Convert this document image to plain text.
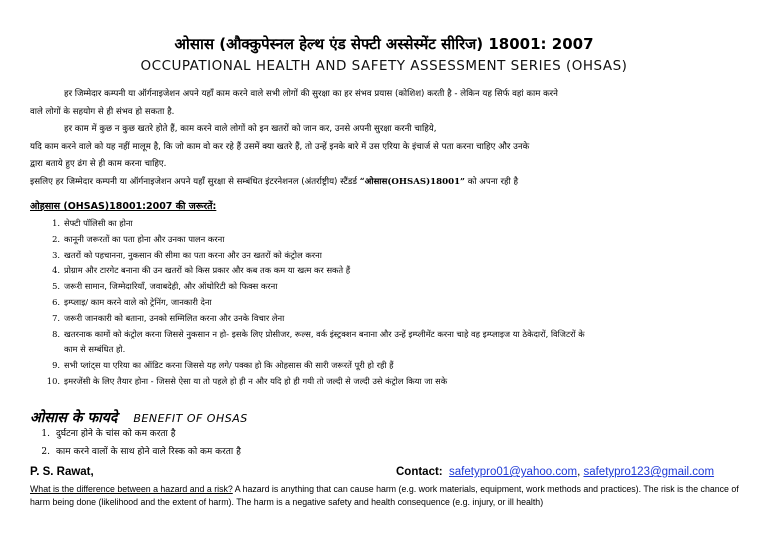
ओसास (औक्कुपेस्नल हेल्थ एंड सेफ्टी अस्सेस्मेंट सीरिज) 18001: 2007
OCCUPATIONAL HEALTH AND SAFETY ASSESSMENT SERIES (OHSAS)
हर जिम्मेदार कम्पनी या ऑर्गनाइजेशन अपने यहाँ काम करने वाले सभी लोगों की सुरक्षा का हर संभव प्रयास (कोशिश) करती है - लेकिन यह सिर्फ वहां काम करने
वाले लोगों के सहयोग से ही संभव हो सकता है.
हर काम में कुछ न कुछ खतरे होते हैं, काम करने वाले लोगों को इन खतरों को जान कर, उनसे अपनी सुरक्षा करनी चाहिये,
यदि काम करने वाले को यह नहीं मालूम है, कि जो काम वो कर रहे हैं उसमें क्या खतरे हैं, तो उन्हें इनके बारे में उस एरिया के इंचार्ज से पता करना चाहिए और उनके
द्वारा बताये हुए ढंग से ही काम करना चाहिए.
इसलिए हर जिम्मेदार कम्पनी या ऑर्गनाइजेशन अपने यहाँ सुरक्षा से सम्बंधित इंटरनेशनल (अंतर्राष्ट्रीय) स्टैंडर्ड “ओसास(OHSAS)18001” को अपना रही है
ओहसास (OHSAS)18001:2007 की जरूरतें:
1. सेफ्टी पॉलिसी का होना
2. कानूनी जरूरतों का पता होना और उनका पालन करना
3. खतरों को पहचानना, नुकसान की सीमा का पता करना और उन खतरों को कंट्रोल करना
4. प्रोग्राम और टारगेट बनाना की उन खतरों को किस प्रकार और कब तक कम या खत्म कर सकते हैं
5. जरूरी सामान, जिम्मेदारियाँ, जवाबदेही, और ऑथोरिटी को फिक्स करना
6. इम्प्लाइ/ काम करने वाले को ट्रेनिंग, जानकारी देना
7. जरूरी जानकारी को बताना, उनको सम्मिलित करना और उनके विचार लेना
8. खतरनाक कामों को कंट्रोल करना जिससे नुकसान न हो- इसके लिए प्रोसीजर, रूल्स, वर्क इंस्ट्रक्शन बनाना और उन्हें इम्प्लीमेंट करना चाहे वह इम्प्लाइज या ठेकेदारों, विजिटरों के
काम से सम्बंधित हो.
9. सभी प्लांट्स या एरिया का ऑडिट करना जिससे यह लगे/ पक्का हो कि ओहसास की सारी जरूरतें पूरी हो रही हैं
10. इमरजेंसी के लिए तैयार होना - जिससे ऐसा या तो पहले हो ही न और यदि हो ही गयी तो जल्दी से जल्दी उसे कंट्रोल किया जा सके
ओसास के फायदे BENEFIT OF OHSAS
1. दुर्घटना होने के चांस को कम करता है
2. काम करने वालों के साथ होने वाले रिस्क को कम करता है
P. S. Rawat,	Contact: safetypro01@yahoo.com, safetypro123@gmail.com
What is the difference between a hazard and a risk? A hazard is anything that can cause harm (e.g. work materials, equipment, work methods and practices). The risk is the chance of harm being done (likelihood and the extent of harm). The harm is a negative safety and health consequence (e.g. injury, or ill health)
